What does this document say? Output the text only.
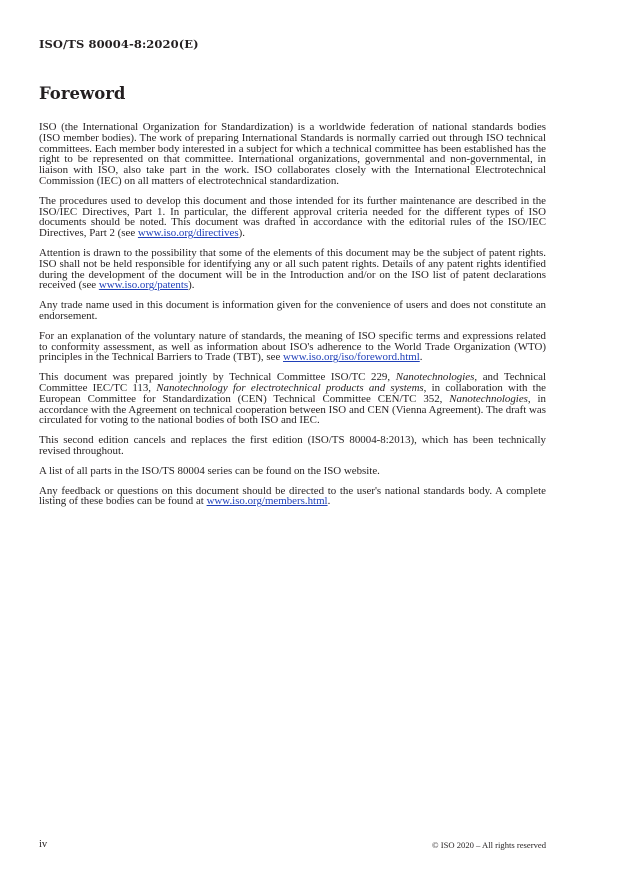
ISO/TS 80004-8:2020(E)
Foreword

ISO (the International Organization for Standardization) is a worldwide federation of national standards bodies (ISO member bodies). The work of preparing International Standards is normally carried out through ISO technical committees. Each member body interested in a subject for which a technical committee has been established has the right to be represented on that committee. International organizations, governmental and non-governmental, in liaison with ISO, also take part in the work. ISO collaborates closely with the International Electrotechnical Commission (IEC) on all matters of electrotechnical standardization.

The procedures used to develop this document and those intended for its further maintenance are described in the ISO/IEC Directives, Part 1. In particular, the different approval criteria needed for the different types of ISO documents should be noted. This document was drafted in accordance with the editorial rules of the ISO/IEC Directives, Part 2 (see www.iso.org/directives).

Attention is drawn to the possibility that some of the elements of this document may be the subject of patent rights. ISO shall not be held responsible for identifying any or all such patent rights. Details of any patent rights identified during the development of the document will be in the Introduction and/or on the ISO list of patent declarations received (see www.iso.org/patents).

Any trade name used in this document is information given for the convenience of users and does not constitute an endorsement.

For an explanation of the voluntary nature of standards, the meaning of ISO specific terms and expressions related to conformity assessment, as well as information about ISO's adherence to the World Trade Organization (WTO) principles in the Technical Barriers to Trade (TBT), see www.iso.org/iso/foreword.html.

This document was prepared jointly by Technical Committee ISO/TC 229, Nanotechnologies, and Technical Committee IEC/TC 113, Nanotechnology for electrotechnical products and systems, in collaboration with the European Committee for Standardization (CEN) Technical Committee CEN/TC 352, Nanotechnologies, in accordance with the Agreement on technical cooperation between ISO and CEN (Vienna Agreement). The draft was circulated for voting to the national bodies of both ISO and IEC.

This second edition cancels and replaces the first edition (ISO/TS 80004-8:2013), which has been technically revised throughout.

A list of all parts in the ISO/TS 80004 series can be found on the ISO website.

Any feedback or questions on this document should be directed to the user's national standards body. A complete listing of these bodies can be found at www.iso.org/members.html.

iv	© ISO 2020 – All rights reserved
